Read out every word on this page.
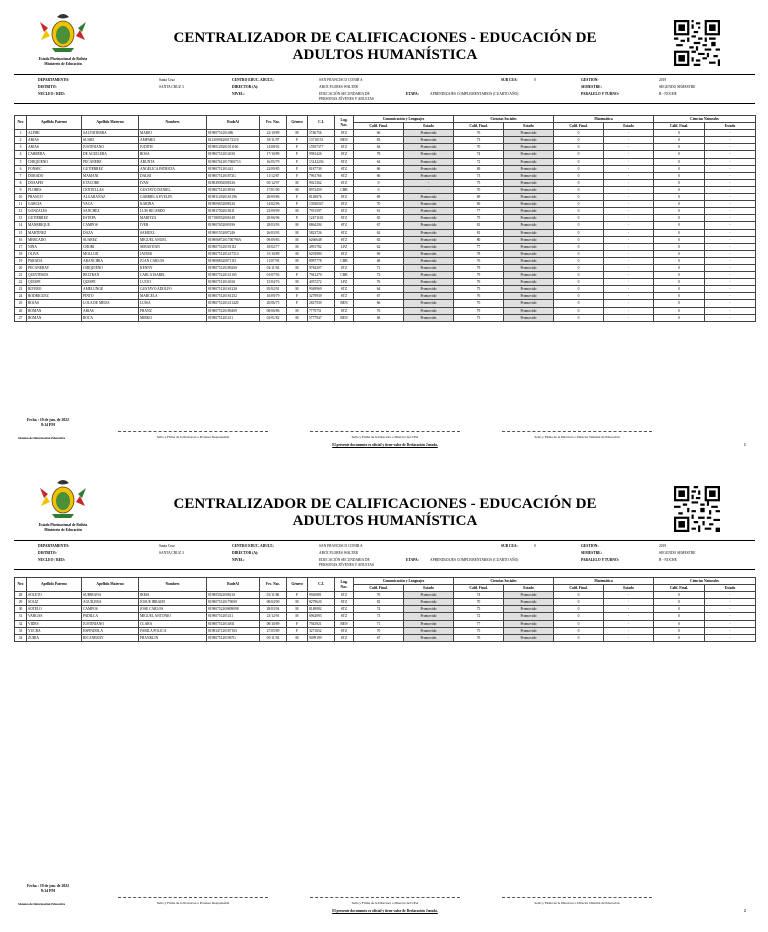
Estado Plurinacional de Bolivia
Ministerio de Educación
CENTRALIZADOR DE CALIFICACIONES - EDUCACIÓN DE ADULTOS HUMANÍSTICA
DEPARTAMENTO:	Santa Cruz
DISTRITO:	SANTA CRUZ 3
NUCLEO / RED:
CENTRO EDUC. ADULT.:	SAN FRANCISCO CONIR A
DIRECTOR (A):	ARCE FLORES WALTER
NIVEL:	EDUCACIÓN SECUNDARIA DE
PERSONAS JÓVENES Y ADULTAS
ETAPA:	APRENDIZAJES COMPLEMENTARIOS (CUARTO AÑO)
SUB CEA:	0	GESTION:	2019
SEMESTRE:	SEGUNDO SEMESTRE
PARALELO Y TURNO:	B - NOCHE
Nro	Apellido Paterno	Apellido Materno	Nombres	RudeAl	Fec. Nac.	Género	C.I.	Lug.
Nac.	Comunicación y Lenguajes		Ciencias Sociales		Matemática		Ciencias Naturales	
									Calif. Final.	Estado	Calif. Final.	Estado	Calif. Final.	Estado	Calif. Final.	Estado
1	ALPIRI	SALVATIERRA	MARIO	81980751201486	22/10/89	M	5746756	STZ	66	Promovido	76	Promovido	0	-	0	-
2	ARIAS	SUARI	AMPARO	81230094200172310	18/11/97	F	13710151	BEN	85	Promovido	73	Promovido	0	-	0	-
3	ARIAS	JUSTINIANO	JUDITH	81980129201011160	14/08/92	F	15957377	STZ	64	Promovido	70	Promovido	0	-	0	-
4	CABRERA	DE AGUILERA	ROSA	81980751201401S	17/10/89	F	9981426	STZ	78	Promovido	74	Promovido	0	-	0	-
5	CHIQUIENO	PECANERE	ARUNTA	81980761201700S713	16/05/79	F	13142236	STZ	64	Promovido	72	Promovido	0	-	0	-
6	FONSEC	GUTIERREZ	ANGELICA PATRICIA	81980751201441	22/09/85	F	8187739	STZ	66	Promovido	69	Promovido	0	-	0	-
7	DORADO	MAMANI	DALBI	81980751201872G	11/12/87	F	7961766	STZ	66	Promovido	73	Promovido	0	-	0	-
8	DOSAPEI	ETACORE	IVAN	81804909200812S	05/12/97	M	9921362	STZ	0	-	75	Promovido	0	-	0	-
9	FLORES	CENTELLAS	GUSTAVO DANIEL	81980751201891S	17/01/90	M	8972459	CBB	0	-	70	Promovido	0	-	0	-
10	FRANCO	ALGARAÑAZ	GABRIELA EVELIN	81983129201S1196	28/09/86	F	8128676	STZ	69	Promovido	69	Promovido	0	-	0	-
11	GARCIA	VACA	KARINA	81980965200812S	14/02/96	F	13936547	STZ	70	Promovido	69	Promovido	0	-	0	-
12	GONZALES	SANCHEZ	LUIS RICARDO	81983750201821I	23/09/99	M	7951597	STZ	61	Promovido	77	Promovido	0	-	0	-
13	GUTIERREZ	ESTEPA	MARITZA	81718093200S149	29/06/96	F	12471165	STZ	65	Promovido	75	Promovido	0	-	0	-
14	MANRRIQUE	CAMPOS	IVER	81980765200919S	28/03/93	M	8864294	STZ	67	Promovido	81	Promovido	0	-	0	-
15	MARTINEZ	DAZA	SAMUEL	81980155200724S	26/03/93	M	5823726	STZ	62	Promovido	81	Promovido	0	-	0	-
16	MERCADO	SUAREZ	MIGUEL ANGEL	81980687201700796A	09/09/83	M	6266648	STZ	65	Promovido	80	Promovido	0	-	0	-
17	NINA	CHORI	SEBASTIAN	81980751201911I2	18/02/77	M	4991782	LPZ	62	Promovido	77	Promovido	0	-	0	-
18	OLIVA	MOLLOJI	JAVIER	81980751201417313	15/10/89	M	6203980	STZ	69	Promovido	78	Promovido	0	-	0	-
19	PARADA	ARANCIBIA	JUAN CARLOS	81980883200711I3	11/07/93	M	8997778	CBB	68	Promovido	76	Promovido	0	-	0	-
20	PECANERAY	CHIQUIENO	KENNY	81980751201802SS	02/11/92	M	9784207	STZ	71	Promovido	79	Promovido	0	-	0	-
21	QUINTEROS	BELTRAN	CARLA ISABEL	81980751201411S5	01/07/93	F	7941270	CBB	72	Promovido	79	Promovido	0	-	0	-
22	QUISPE	QUISPE	LUCIO	81980751201401S	15/04/76	M	4057272	LPZ	76	Promovido	76	Promovido	0	-	0	-
23	RIVERO	AMELUNGE	GUSTAVO ADOLFO	81980751201S122S	05/02/91	M	9949969	STZ	64	Promovido	75	Promovido	0	-	0	-
24	RODRIGUEZ	PINTO	MARCELA	81980751201S1252	16/09/79	F	3279939	STZ	67	Promovido	76	Promovido	0	-	0	-
25	ROJAS	LOLA DE MEDA	LUISA	81980751201411420	20/06/75	F	2827939	BEN	66	Promovido	70	Promovido	0	-	0	-
26	ROMAN	ARIAS	FRANZ	81980751201804S9	08/06/86	M	7779751	STZ	76	Promovido	79	Promovido	0	-	0	-
27	ROMAN	ROCA	MIRKO	81980751201411	02/01/82	M	5777947	BEN	68	Promovido	73	Promovido	0	-	0	-
Fecha : 19 de jun. de 2022
8:14 PM
Sistema de Información Educativa	Sello y Firma de la Profesora o Profesor Responsable	Sello y Firma de la Directora o Director del CEA	Sello y Firma de la Directora o Director Distrital de Educación
El presente documento es oficial y tiene valor de Declaración Jurada.	1
Estado Plurinacional de Bolivia
Ministerio de Educación
CENTRALIZADOR DE CALIFICACIONES - EDUCACIÓN DE ADULTOS HUMANÍSTICA
DEPARTAMENTO:	Santa Cruz
DISTRITO:	SANTA CRUZ 3
NUCLEO / RED:
CENTRO EDUC. ADULT.:	SAN FRANCISCO CONIR A
DIRECTOR (A):	ARCE FLORES WALTER
NIVEL:	EDUCACIÓN SECUNDARIA DE
PERSONAS JÓVENES Y ADULTAS
ETAPA:	APRENDIZAJES COMPLEMENTARIOS (CUARTO AÑO)
SUB CEA:	0	GESTION:	2019
SEMESTRE:	SEGUNDO SEMESTRE
PARALELO Y TURNO:	B - NOCHE
Nro	Apellido Paterno	Apellido Materno	Nombres	RudeAl	Fec. Nac.	Género	C.I.	Lug.
Nac.	Comunicación y Lenguajes		Ciencias Sociales		Matemática		Ciencias Naturales	
									Calif. Final.	Estado	Calif. Final.	Estado	Calif. Final.	Estado	Calif. Final.	Estado
28	SOLETO	SUBIRANA	IRMA	81980592200821S	03/11/86	F	9920881	STZ	76	Promovido	74	Promovido	0	-	0	-
29	SOLIZ	AGUILERA	JOSUE IBRAIM	81980751201790S9	08/04/90	M	8279620	STZ	82	Promovido	70	Promovido	0	-	0	-
30	SOTELO	CAMPOS	JOSE CARLOS	81980752200809098	28/03/94	M	8148082	STZ	74	Promovido	75	Promovido	0	-	0	-
31	VARGAS	PADILLA	MIGUEL ANTONIO	81980751201411	23/12/91	M	6962893	STZ	73	Promovido	72	Promovido	0	-	0	-
32	VIDES	JUSTINIANO	CLARA	81980751201481I	08/10/89	F	7943921	BEN	71	Promovido	77	Promovido	0	-	0	-
33	YUCRA	ESPINDOLA	FABILA POLICA	81983471201871S3	27/05/89	F	3271652	STZ	70	Promovido	75	Promovido	0	-	0	-
34	ZUBIA	RICANERAY	FRANKLIN	81980751201967G	05/11/92	M	9499199	STZ	67	Promovido	76	Promovido	0	-	0	-
Fecha : 19 de jun. de 2022
8:14 PM
Sistema de Información Educativa	Sello y Firma de la Profesora o Profesor Responsable	Sello y Firma de la Directora o Director del CEA	Sello y Firma de la Directora o Director Distrital de Educación
El presente documento es oficial y tiene valor de Declaración Jurada.	2
